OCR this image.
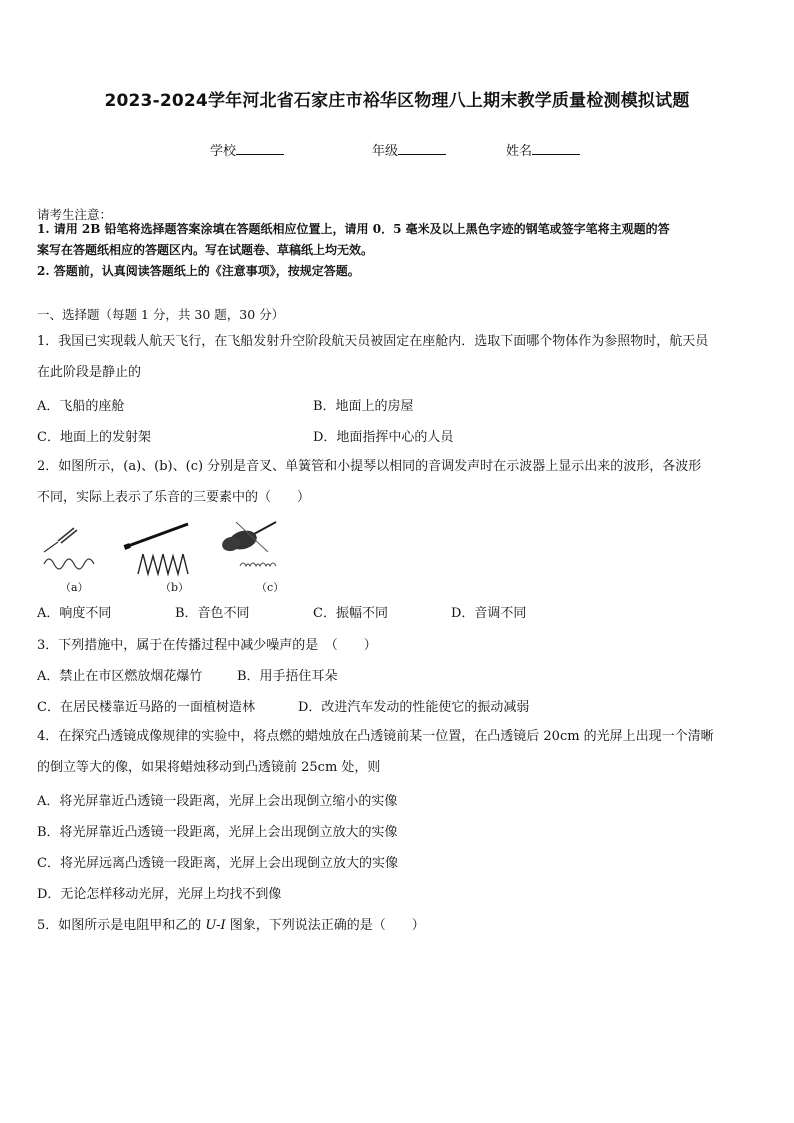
2023-2024学年河北省石家庄市裕华区物理八上期末教学质量检测模拟试题
学校	年级	姓名
请考生注意：
1. 请用 2B 铅笔将选择题答案涂填在答题纸相应位置上，请用 0．5 毫米及以上黑色字迹的钢笔或签字笔将主观题的答
案写在答题纸相应的答题区内。写在试题卷、草稿纸上均无效。
2. 答题前，认真阅读答题纸上的《注意事项》，按规定答题。
一、选择题（每题 1 分，共 30 题，30 分）
1．我国已实现载人航天飞行，在飞船发射升空阶段航天员被固定在座舱内．选取下面哪个物体作为参照物时，航天员
在此阶段是静止的
A．飞船的座舱	B．地面上的房屋
C．地面上的发射架	D．地面指挥中心的人员
2．如图所示，(a)、(b)、(c) 分别是音叉、单簧管和小提琴以相同的音调发声时在示波器上显示出来的波形，各波形
不同，实际上表示了乐音的三要素中的（　　）
（a）	（b）	（c）
A．响度不同	B．音色不同	C．振幅不同	D．音调不同
3．下列措施中，属于在传播过程中减少噪声的是　（　　）
A．禁止在市区燃放烟花爆竹	B．用手捂住耳朵
C．在居民楼靠近马路的一面植树造林	D．改进汽车发动的性能使它的振动减弱
4．在探究凸透镜成像规律的实验中，将点燃的蜡烛放在凸透镜前某一位置，在凸透镜后 20cm 的光屏上出现一个清晰
的倒立等大的像，如果将蜡烛移动到凸透镜前 25cm 处，则
A．将光屏靠近凸透镜一段距离，光屏上会出现倒立缩小的实像
B．将光屏靠近凸透镜一段距离，光屏上会出现倒立放大的实像
C．将光屏远离凸透镜一段距离，光屏上会出现倒立放大的实像
D．无论怎样移动光屏，光屏上均找不到像
5．如图所示是电阻甲和乙的 U-I 图象，下列说法正确的是（　　）
